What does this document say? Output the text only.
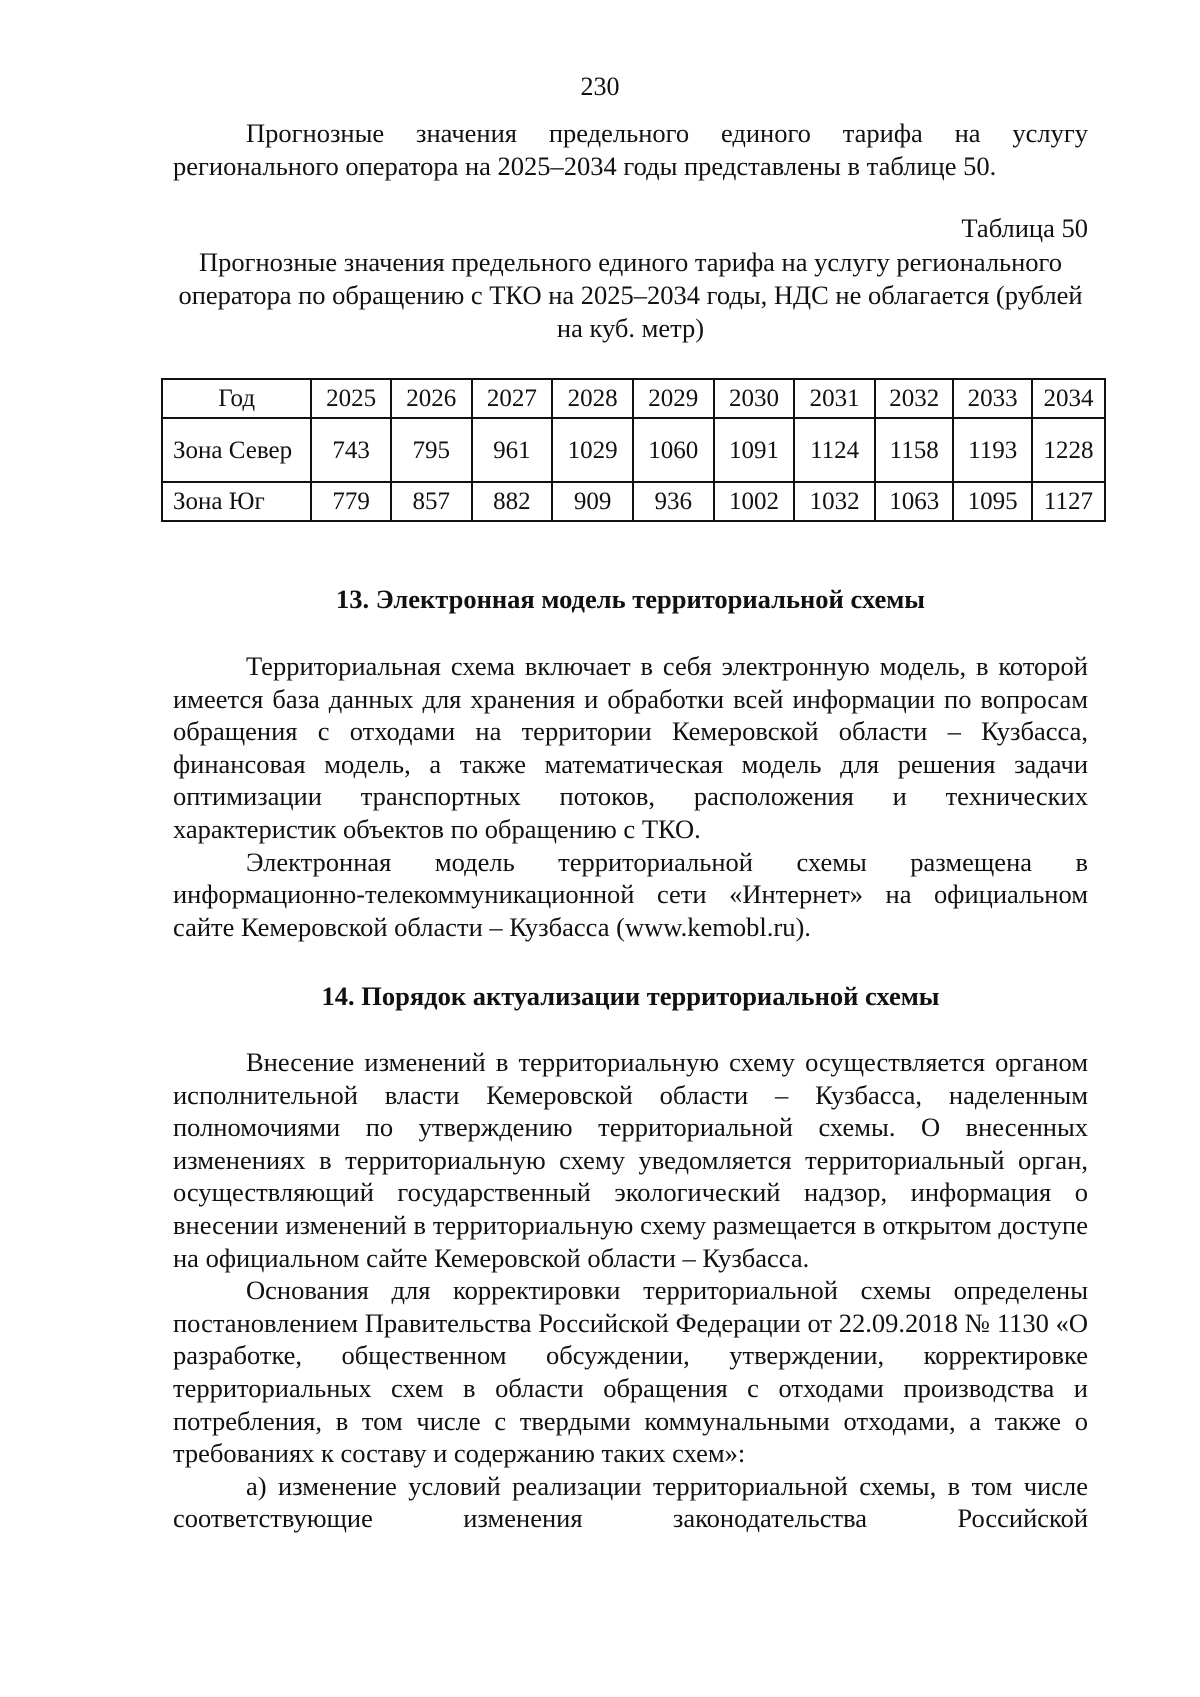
230

Прогнозные значения предельного единого тарифа на услугу регионального оператора на 2025–2034 годы представлены в таблице 50.

Таблица 50
Прогнозные значения предельного единого тарифа на услугу регионального оператора по обращению с ТКО на 2025–2034 годы, НДС не облагается (рублей на куб. метр)
Год	2025	2026	2027	2028	2029	2030	2031	2032	2033	2034
Зона Север	743	795	961	1029	1060	1091	1124	1158	1193	1228
Зона Юг	779	857	882	909	936	1002	1032	1063	1095	1127
13. Электронная модель территориальной схемы

Территориальная схема включает в себя электронную модель, в которой имеется база данных для хранения и обработки всей информации по вопросам обращения с отходами на территории Кемеровской области – Кузбасса, финансовая модель, а также математическая модель для решения задачи оптимизации транспортных потоков, расположения и технических характеристик объектов по обращению с ТКО.

Электронная модель территориальной схемы размещена в информационно-телекоммуникационной сети «Интернет» на официальном сайте Кемеровской области – Кузбасса (www.kemobl.ru).

14. Порядок актуализации территориальной схемы

Внесение изменений в территориальную схему осуществляется органом исполнительной власти Кемеровской области – Кузбасса, наделенным полномочиями по утверждению территориальной схемы. О внесенных изменениях в территориальную схему уведомляется территориальный орган, осуществляющий государственный экологический надзор, информация о внесении изменений в территориальную схему размещается в открытом доступе на официальном сайте Кемеровской области – Кузбасса.

Основания для корректировки территориальной схемы определены постановлением Правительства Российской Федерации от 22.09.2018 № 1130 «О разработке, общественном обсуждении, утверждении, корректировке территориальных схем в области обращения с отходами производства и потребления, в том числе с твердыми коммунальными отходами, а также о требованиях к составу и содержанию таких схем»:

а) изменение условий реализации территориальной схемы, в том числе соответствующие изменения законодательства Российской
